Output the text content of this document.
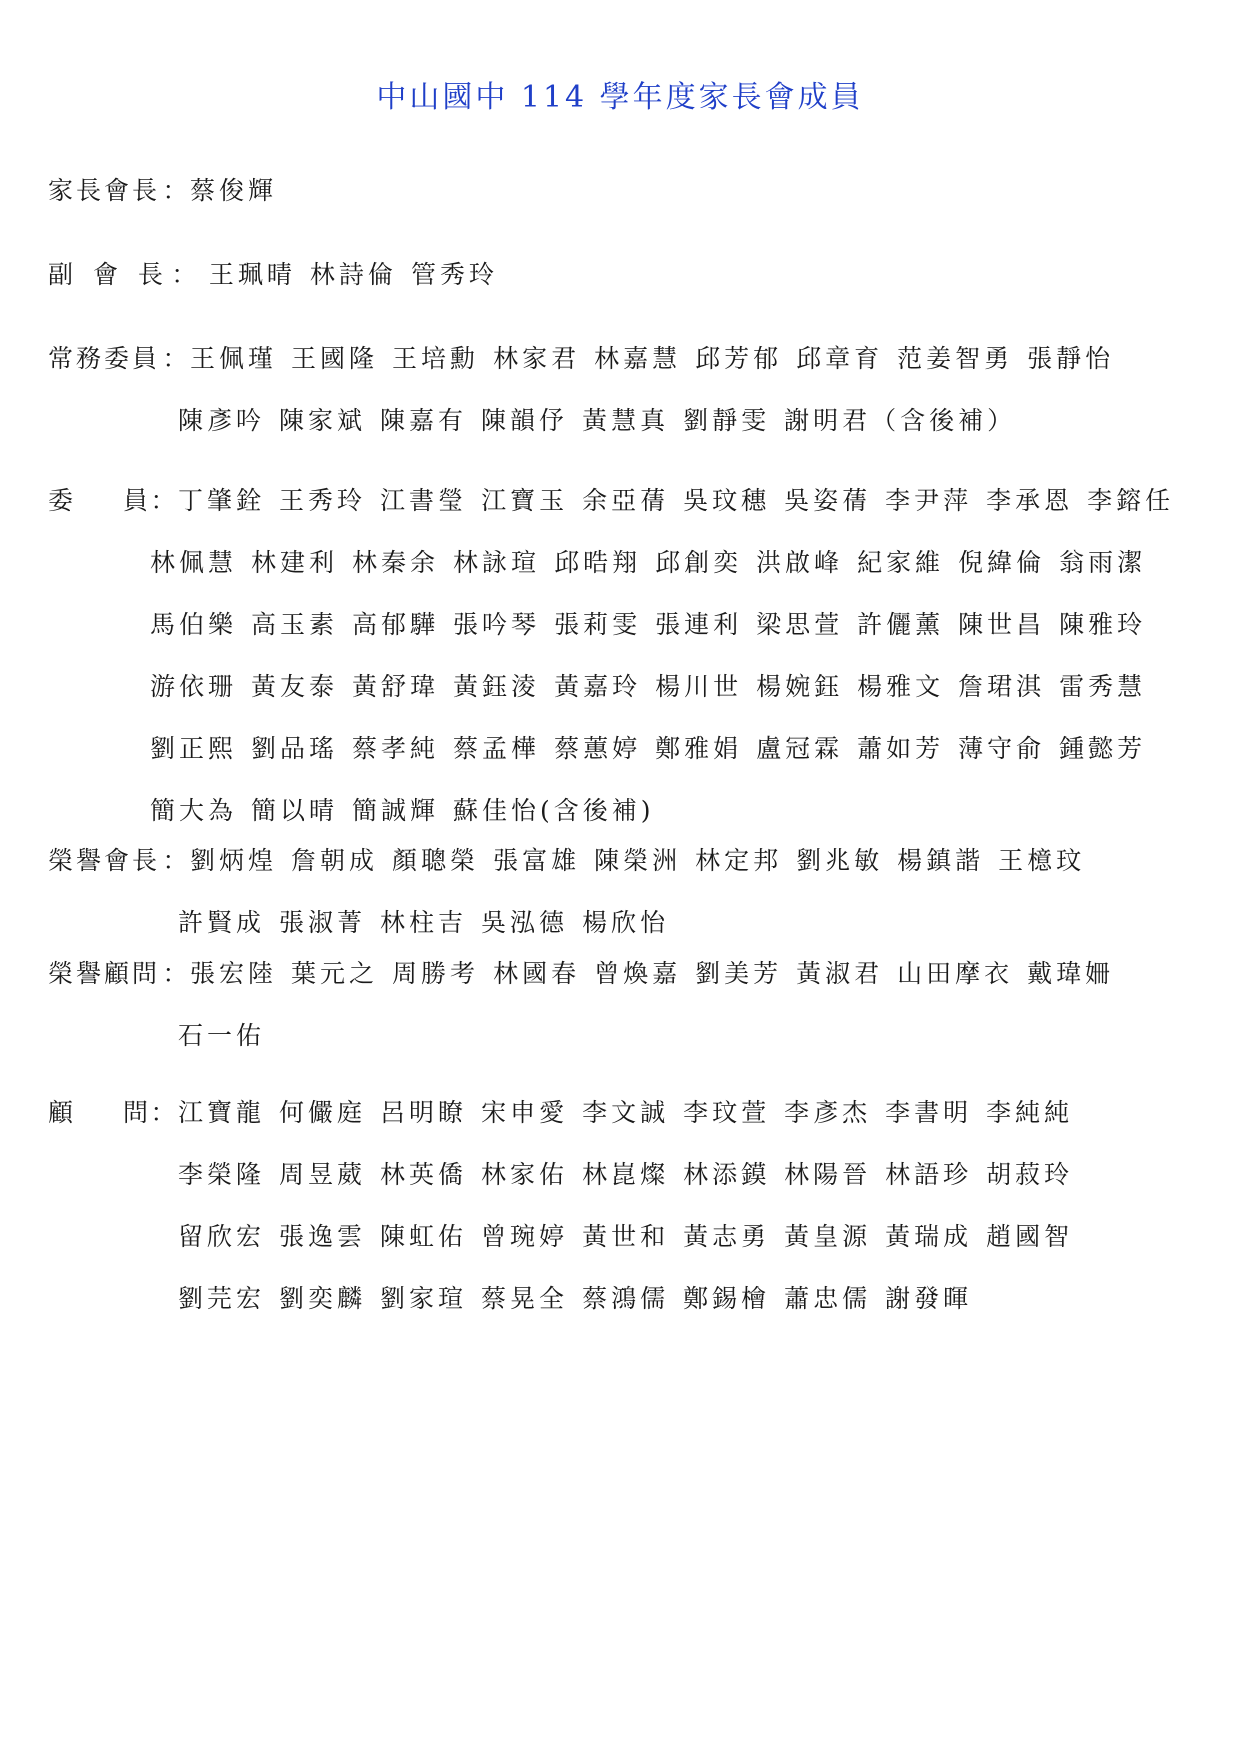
中山國中 114 學年度家長會成員
家長會長 ： 蔡俊輝
副 會 長 ： 王珮晴 林詩倫 管秀玲
常務委員 ： 王佩瑾 王國隆 王培勳 林家君 林嘉慧 邱芳郁 邱章育 范姜智勇 張靜怡
陳彥吟 陳家斌 陳嘉有 陳韻伃 黃慧真 劉靜雯 謝明君（含後補）
委　　員 ： 丁肇銓 王秀玲 江書瑩 江寶玉 余亞蒨 吳玟穗 吳姿蒨 李尹萍 李承恩 李鎔任
林佩慧 林建利 林秦余 林詠瑄 邱晧翔 邱創奕 洪啟峰 紀家維 倪緯倫 翁雨潔
馬伯樂 高玉素 高郁驊 張吟琴 張莉雯 張連利 梁思萱 許儷薰 陳世昌 陳雅玲
游依珊 黃友泰 黃舒瑋 黃鈺淩 黃嘉玲 楊川世 楊婉鈺 楊雅文 詹珺淇 雷秀慧
劉正熙 劉品瑤 蔡孝純 蔡孟樺 蔡蕙婷 鄭雅娟 盧冠霖 蕭如芳 薄守俞 鍾懿芳
簡大為 簡以晴 簡誠輝 蘇佳怡(含後補)
榮譽會長 ： 劉炳煌 詹朝成 顏聰榮 張富雄 陳榮洲 林定邦 劉兆敏 楊鎮諧 王檍玟
許賢成 張淑菁 林柱吉 吳泓德 楊欣怡
榮譽顧問 ： 張宏陸 葉元之 周勝考 林國春 曾煥嘉 劉美芳 黃淑君 山田摩衣 戴瑋姍
石一佑
顧　　問 ： 江寶龍 何儼庭 呂明瞭 宋申愛 李文誠 李玟萱 李彥杰 李書明 李純純
李榮隆 周昱葳 林英僑 林家佑 林崑燦 林添鏌 林陽晉 林語珍 胡菽玲
留欣宏 張逸雲 陳虹佑 曾琬婷 黃世和 黃志勇 黃皇源 黃瑞成 趙國智
劉芫宏 劉奕麟 劉家瑄 蔡晃全 蔡鴻儒 鄭錫檜 蕭忠儒 謝發暉
